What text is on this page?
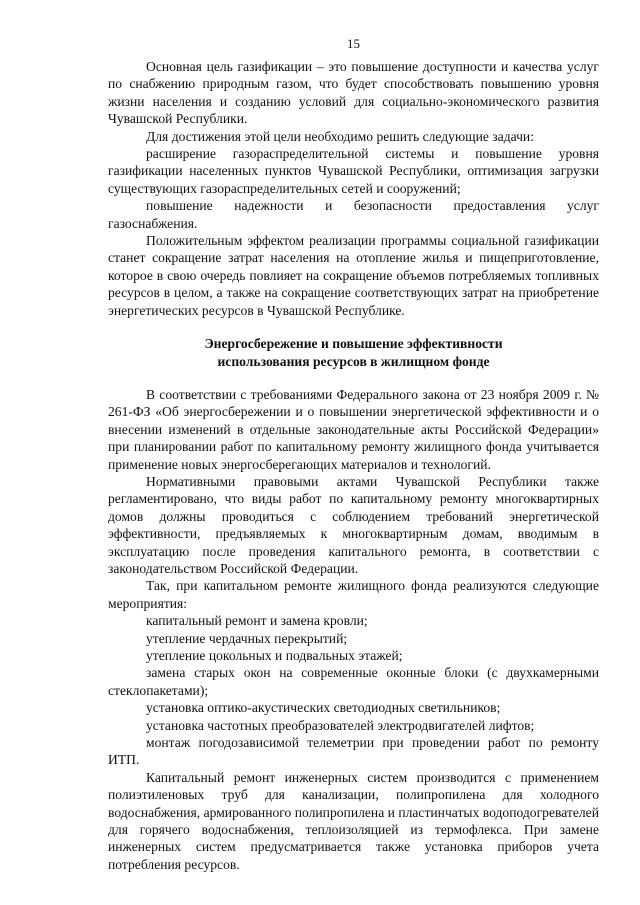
15

Основная цель газификации – это повышение доступности и качества услуг по снабжению природным газом, что будет способствовать повышению уровня жизни населения и созданию условий для социально-экономического развития Чувашской Республики.

Для достижения этой цели необходимо решить следующие задачи:

расширение газораспределительной системы и повышение уровня газификации населенных пунктов Чувашской Республики, оптимизация загрузки существующих газораспределительных сетей и сооружений;

повышение надежности и безопасности предоставления услуг газоснабжения.

Положительным эффектом реализации программы социальной газификации станет сокращение затрат населения на отопление жилья и пищеприготовление, которое в свою очередь повлияет на сокращение объемов потребляемых топливных ресурсов в целом, а также на сокращение соответствующих затрат на приобретение энергетических ресурсов в Чувашской Республике.

Энергосбережение и повышение эффективности
использования ресурсов в жилищном фонде

В соответствии с требованиями Федерального закона от 23 ноября 2009 г. № 261-ФЗ «Об энергосбережении и о повышении энергетической эффективности и о внесении изменений в отдельные законодательные акты Российской Федерации» при планировании работ по капитальному ремонту жилищного фонда учитывается применение новых энергосберегающих материалов и технологий.

Нормативными правовыми актами Чувашской Республики также регламентировано, что виды работ по капитальному ремонту многоквартирных домов должны проводиться с соблюдением требований энергетической эффективности, предъявляемых к многоквартирным домам, вводимым в эксплуатацию после проведения капитального ремонта, в соответствии с законодательством Российской Федерации.

Так, при капитальном ремонте жилищного фонда реализуются следующие мероприятия:

капитальный ремонт и замена кровли;

утепление чердачных перекрытий;

утепление цокольных и подвальных этажей;

замена старых окон на современные оконные блоки (с двухкамерными стеклопакетами);

установка оптико-акустических светодиодных светильников;

установка частотных преобразователей электродвигателей лифтов;

монтаж погодозависимой телеметрии при проведении работ по ремонту ИТП.

Капитальный ремонт инженерных систем производится с применением полиэтиленовых труб для канализации, полипропилена для холодного водоснабжения, армированного полипропилена и пластинчатых водоподогревателей для горячего водоснабжения, теплоизоляцией из термофлекса. При замене инженерных систем предусматривается также установка приборов учета потребления ресурсов.
